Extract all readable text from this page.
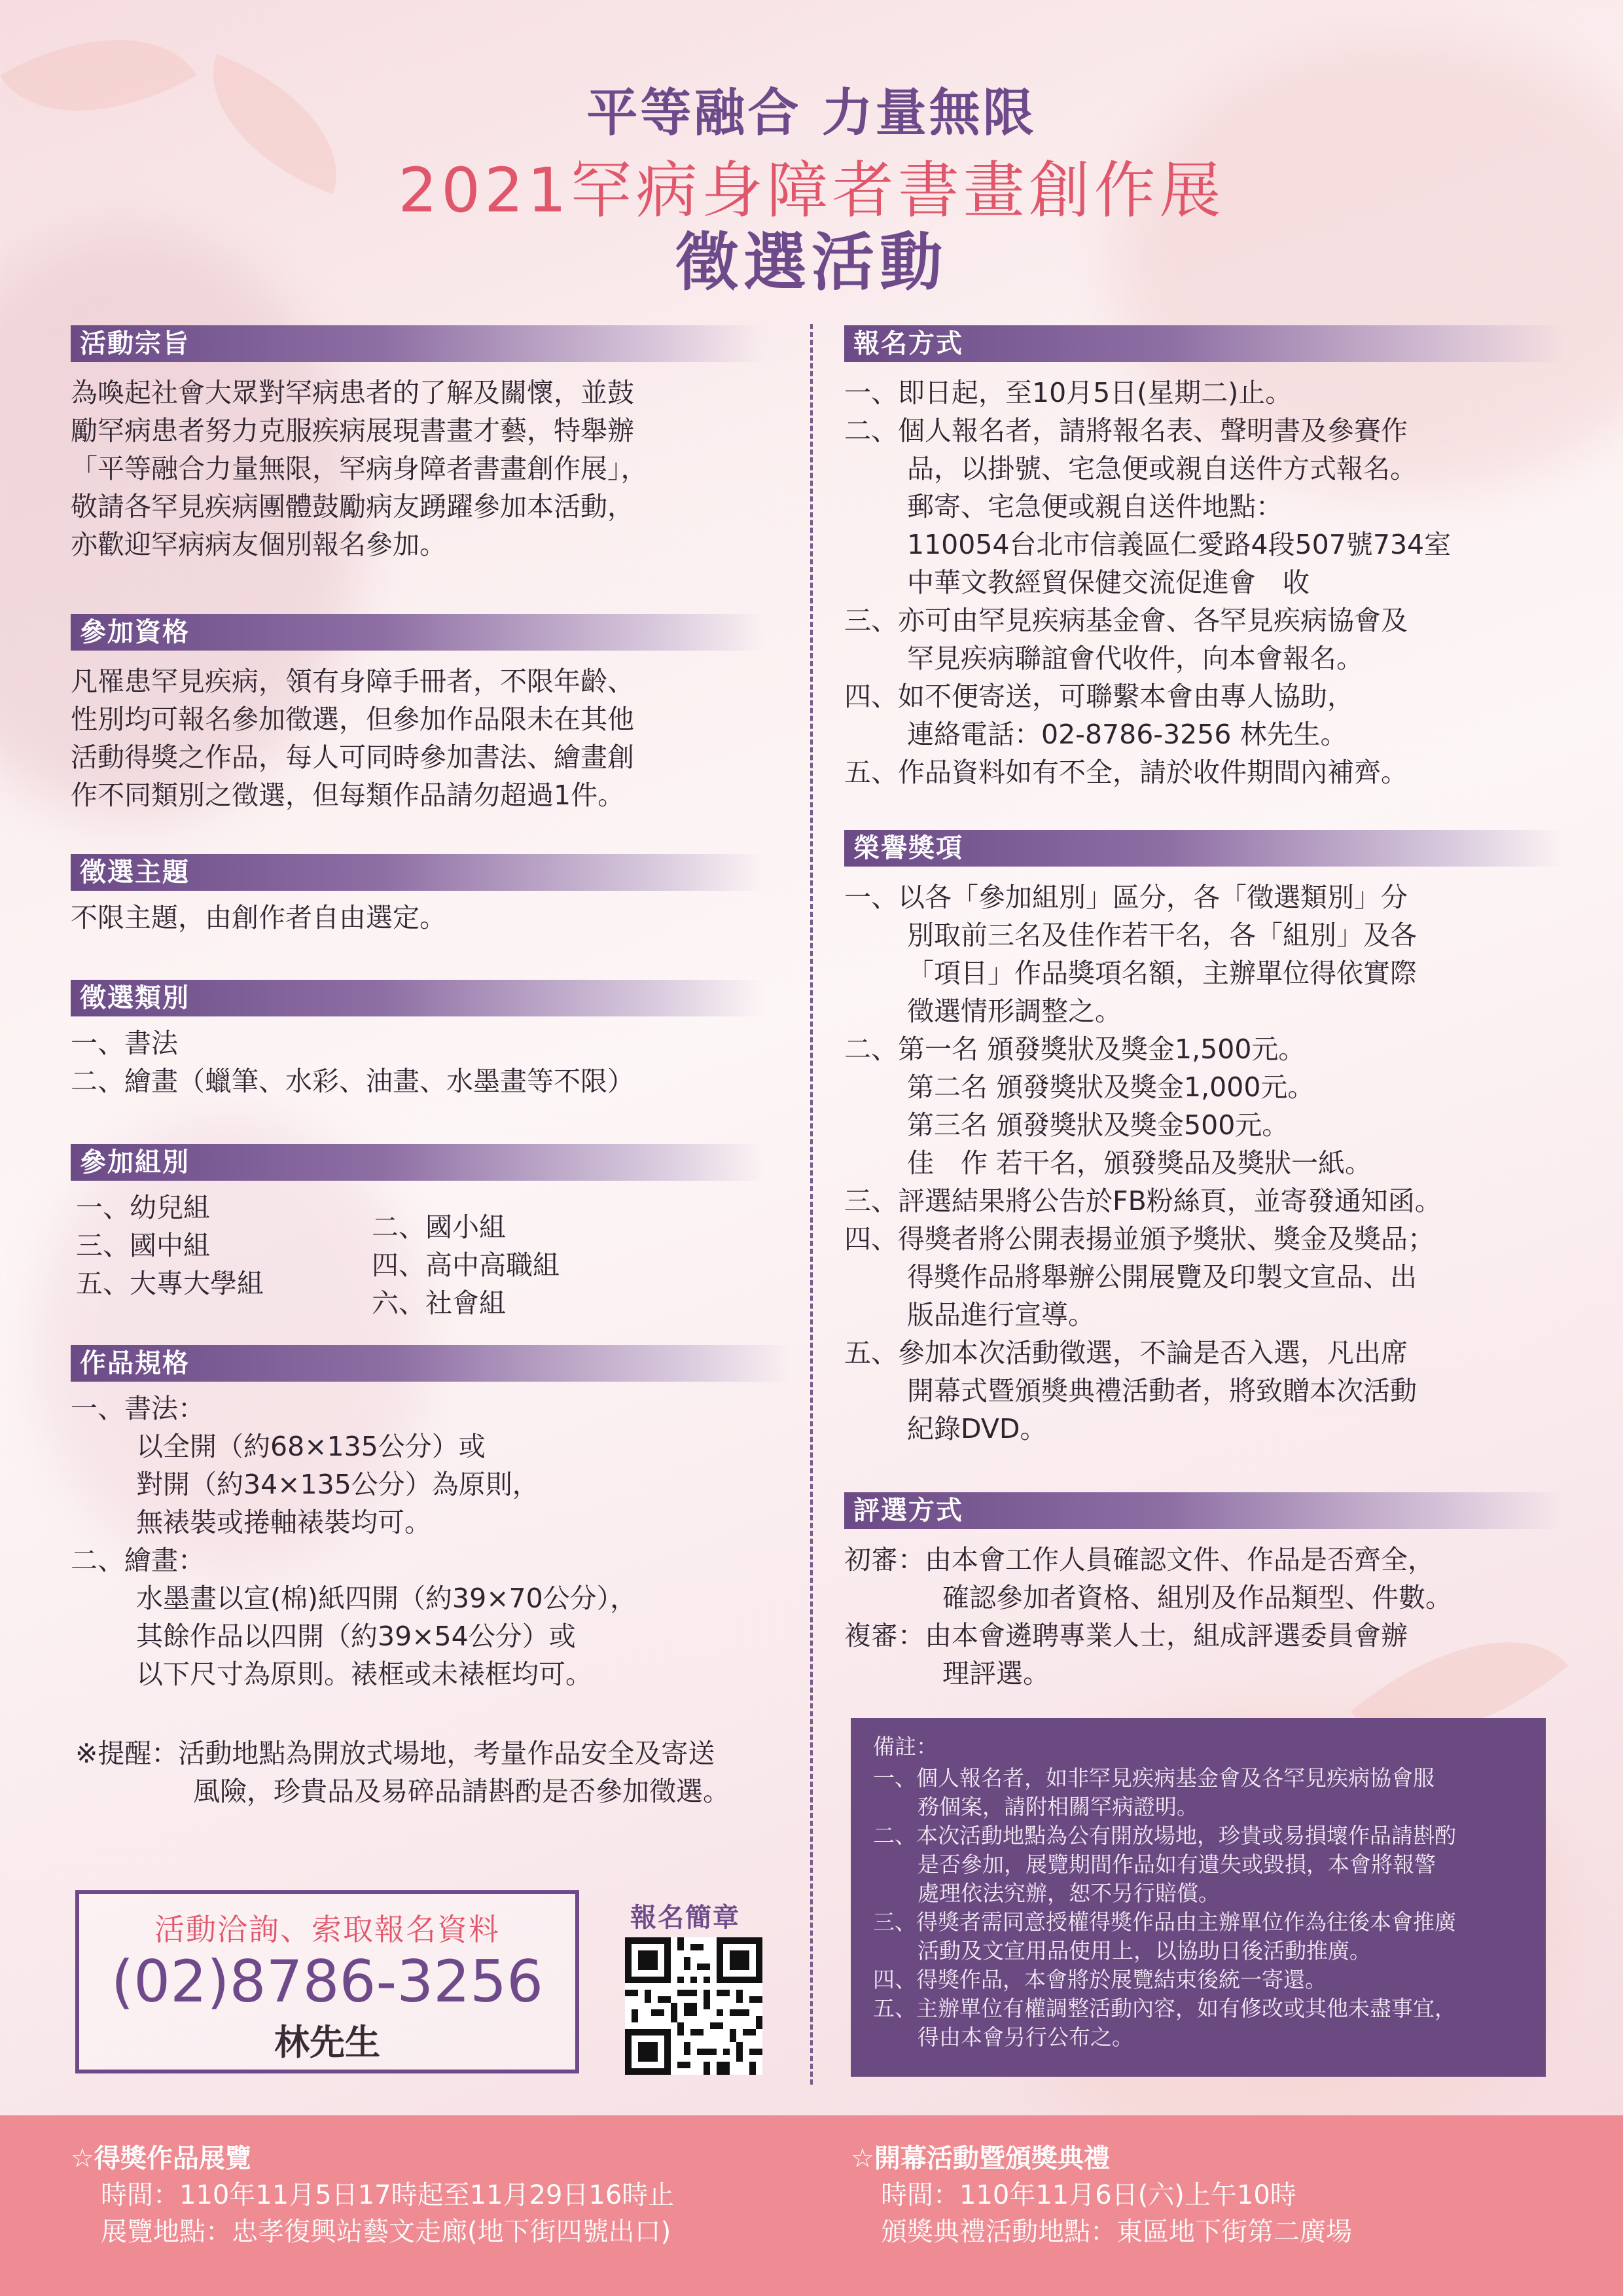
平等融合 力量無限
2021罕病身障者書畫創作展
徵選活動
活動宗旨

為喚起社會大眾對罕病患者的了解及關懷，並鼓

勵罕病患者努力克服疾病展現書畫才藝，特舉辦

「平等融合力量無限，罕病身障者書畫創作展」，

敬請各罕見疾病團體鼓勵病友踴躍參加本活動，

亦歡迎罕病病友個別報名參加。

參加資格

凡罹患罕見疾病，領有身障手冊者，不限年齡、

性別均可報名參加徵選，但參加作品限未在其他

活動得獎之作品，每人可同時參加書法、繪畫創

作不同類別之徵選，但每類作品請勿超過1件。

徵選主題

不限主題，由創作者自由選定。

徵選類別

一、書法

二、繪畫（蠟筆、水彩、油畫、水墨畫等不限）

參加組別

一、幼兒組

三、國中組

五、大專大學組

二、國小組

四、高中高職組

六、社會組

作品規格

一、書法：

以全開（約68×135公分）或

對開（約34×135公分）為原則，

無裱裝或捲軸裱裝均可。

二、繪畫：

水墨畫以宣(棉)紙四開（約39×70公分），

其餘作品以四開（約39×54公分）或

以下尺寸為原則。裱框或未裱框均可。

※提醒：活動地點為開放式場地，考量作品安全及寄送

風險，珍貴品及易碎品請斟酌是否參加徵選。

活動洽詢、索取報名資料
(02)8786-3256
林先生
報名簡章
報名方式

一、即日起，至10月5日(星期二)止。

二、個人報名者，請將報名表、聲明書及參賽作

品，以掛號、宅急便或親自送件方式報名。

郵寄、宅急便或親自送件地點：

110054台北市信義區仁愛路4段507號734室

中華文教經貿保健交流促進會　收

三、亦可由罕見疾病基金會、各罕見疾病協會及

罕見疾病聯誼會代收件，向本會報名。

四、如不便寄送，可聯繫本會由專人協助，

連絡電話：02-8786-3256 林先生。

五、作品資料如有不全，請於收件期間內補齊。

榮譽獎項

一、以各「參加組別」區分，各「徵選類別」分

別取前三名及佳作若干名，各「組別」及各

「項目」作品獎項名額，主辦單位得依實際

徵選情形調整之。

二、第一名 頒發獎狀及獎金1,500元。

第二名 頒發獎狀及獎金1,000元。

第三名 頒發獎狀及獎金500元。

佳　作 若干名，頒發獎品及獎狀一紙。

三、評選結果將公告於FB粉絲頁，並寄發通知函。

四、得獎者將公開表揚並頒予獎狀、獎金及獎品；

得獎作品將舉辦公開展覽及印製文宣品、出

版品進行宣導。

五、參加本次活動徵選，不論是否入選，凡出席

開幕式暨頒獎典禮活動者，將致贈本次活動

紀錄DVD。

評選方式

初審：由本會工作人員確認文件、作品是否齊全，

確認參加者資格、組別及作品類型、件數。

複審：由本會遴聘專業人士，組成評選委員會辦

理評選。

備註：

一、個人報名者，如非罕見疾病基金會及各罕見疾病協會服

務個案，請附相關罕病證明。

二、本次活動地點為公有開放場地，珍貴或易損壞作品請斟酌

是否參加，展覽期間作品如有遺失或毀損，本會將報警

處理依法究辦，恕不另行賠償。

三、得獎者需同意授權得獎作品由主辦單位作為往後本會推廣

活動及文宣用品使用上，以協助日後活動推廣。

四、得獎作品，本會將於展覽結束後統一寄還。

五、主辦單位有權調整活動內容，如有修改或其他未盡事宜，

得由本會另行公布之。

☆得獎作品展覽
時間：110年11月5日17時起至11月29日16時止
展覽地點：忠孝復興站藝文走廊(地下街四號出口)
☆開幕活動暨頒獎典禮
時間：110年11月6日(六)上午10時
頒獎典禮活動地點：東區地下街第二廣場
